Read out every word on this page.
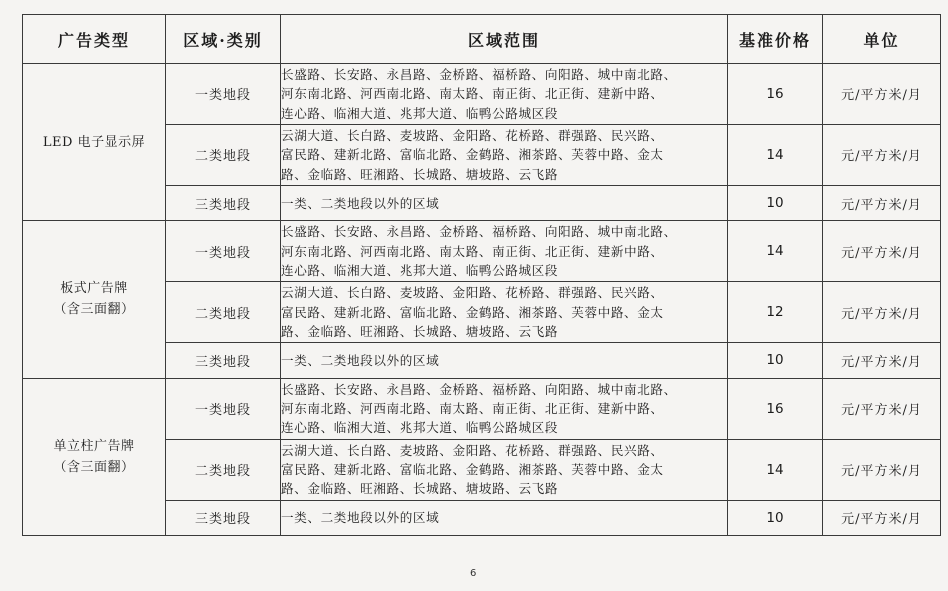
广告类型	区域·类别	区域范围	基准价格	单位

LED 电子显示屏	一类地段	长盛路、长安路、永昌路、金桥路、福桥路、向阳路、城中南北路、
河东南北路、河西南北路、南太路、南正街、北正街、建新中路、
连心路、临湘大道、兆邦大道、临鸭公路城区段	16	元/平方米/月
	二类地段	云湖大道、长白路、麦坡路、金阳路、花桥路、群强路、民兴路、
富民路、建新北路、富临北路、金鹤路、湘茶路、芙蓉中路、金太
路、金临路、旺湘路、长城路、塘坡路、云飞路	14	元/平方米/月
	三类地段	一类、二类地段以外的区域	10	元/平方米/月

板式广告牌
（含三面翻）	一类地段	长盛路、长安路、永昌路、金桥路、福桥路、向阳路、城中南北路、
河东南北路、河西南北路、南太路、南正街、北正街、建新中路、
连心路、临湘大道、兆邦大道、临鸭公路城区段	14	元/平方米/月
	二类地段	云湖大道、长白路、麦坡路、金阳路、花桥路、群强路、民兴路、
富民路、建新北路、富临北路、金鹤路、湘茶路、芙蓉中路、金太
路、金临路、旺湘路、长城路、塘坡路、云飞路	12	元/平方米/月
	三类地段	一类、二类地段以外的区域	10	元/平方米/月

单立柱广告牌
（含三面翻）	一类地段	长盛路、长安路、永昌路、金桥路、福桥路、向阳路、城中南北路、
河东南北路、河西南北路、南太路、南正街、北正街、建新中路、
连心路、临湘大道、兆邦大道、临鸭公路城区段	16	元/平方米/月
	二类地段	云湖大道、长白路、麦坡路、金阳路、花桥路、群强路、民兴路、
富民路、建新北路、富临北路、金鹤路、湘茶路、芙蓉中路、金太
路、金临路、旺湘路、长城路、塘坡路、云飞路	14	元/平方米/月
	三类地段	一类、二类地段以外的区域	10	元/平方米/月
6
